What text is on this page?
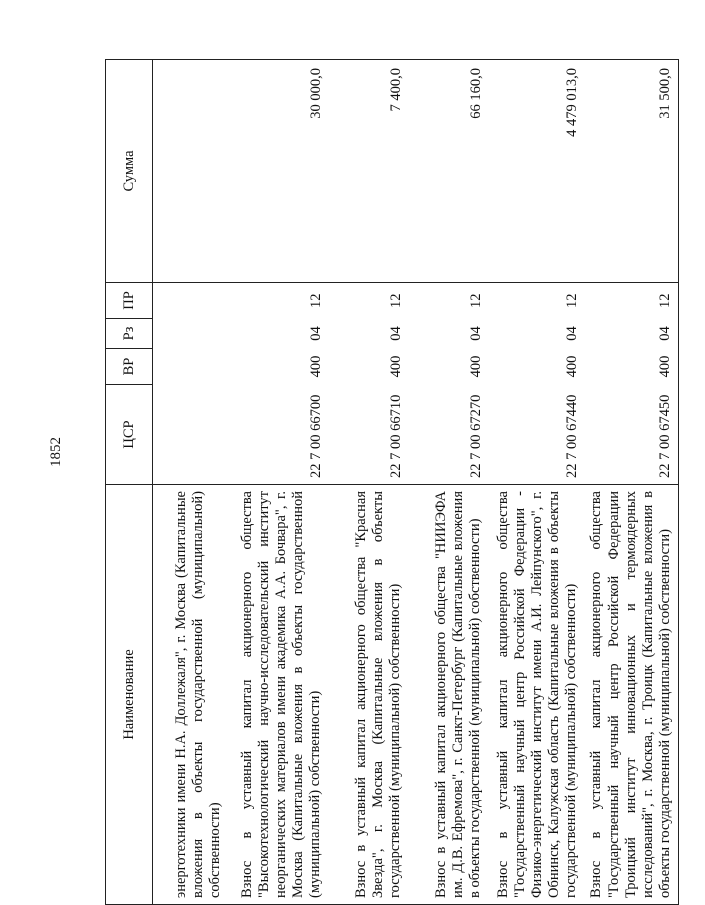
1852
Наименование	ЦСР	ВР	Рз	ПР	Сумма
энерготехники имени Н.А. Доллежаля", г. Москва (Капитальные вложения в объекты государственной (муниципальной) собственности)					
Взнос в уставный капитал акционерного общества "Высокотехнологический научно-исследовательский институт неорганических материалов имени академика А.А. Бочвара", г. Москва (Капитальные вложения в объекты государственной (муниципальной) собственности)	22 7 00 66700	400	04	12	30 000,0
Взнос в уставный капитал акционерного общества "Красная Звезда", г. Москва (Капитальные вложения в объекты государственной (муниципальной) собственности)	22 7 00 66710	400	04	12	7 400,0
Взнос в уставный капитал акционерного общества "НИИЭФА им. Д.В. Ефремова", г. Санкт-Петербург (Капитальные вложения в объекты государственной (муниципальной) собственности)	22 7 00 67270	400	04	12	66 160,0
Взнос в уставный капитал акционерного общества "Государственный научный центр Российской Федерации - Физико-энергетический институт имени А.И. Лейпунского", г. Обнинск, Калужская область (Капитальные вложения в объекты государственной (муниципальной) собственности)	22 7 00 67440	400	04	12	4 479 013,0
Взнос в уставный капитал акционерного общества "Государственный научный центр Российской Федерации Троицкий институт инновационных и термоядерных исследований", г. Москва, г. Троицк (Капитальные вложения в объекты государственной (муниципальной) собственности)	22 7 00 67450	400	04	12	31 500,0
